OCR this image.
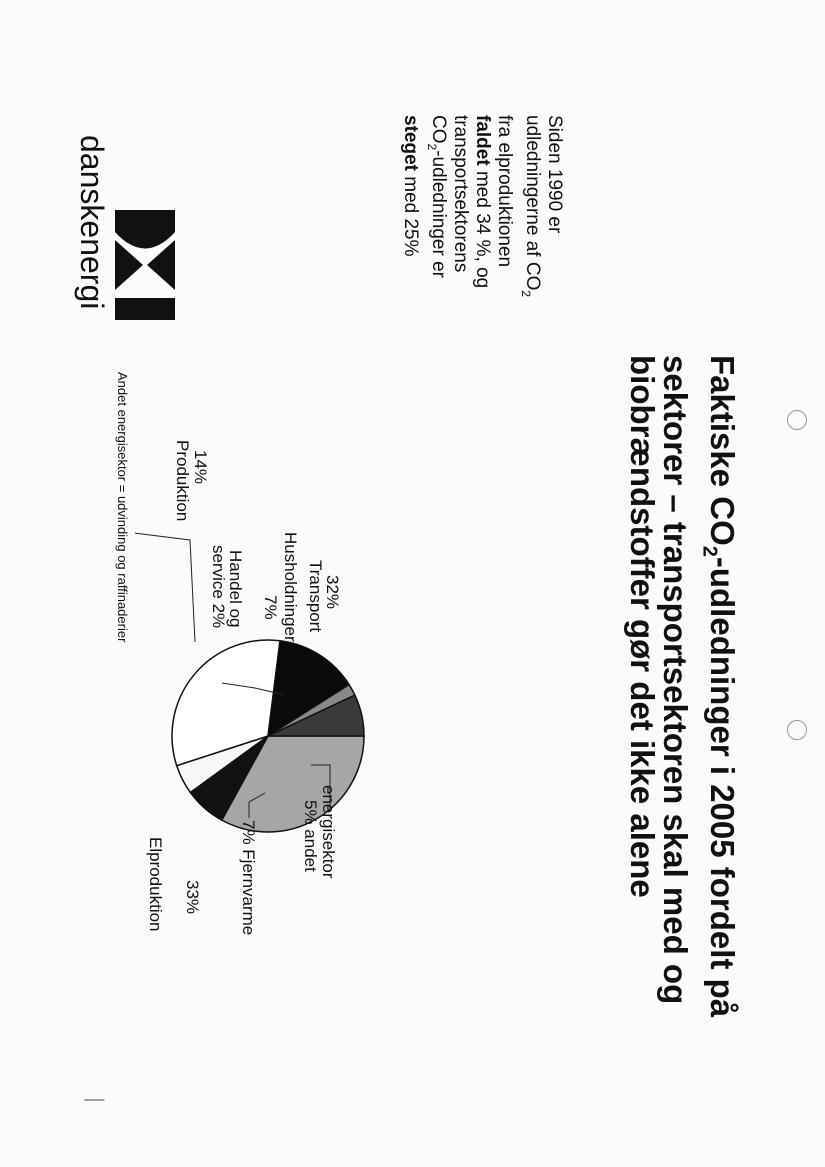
Faktiske $CO_2$-udledninger i 2005 fordelt på sektorer – transportsektoren skal med og biobrændstoffer gør det ikke alene
Siden 1990 er udledningerne af $CO_2$ fra elproduktionen faldet med 34 %, og transportsektorens $CO_2$-udledninger er steget med 25%
®
danskenergi
Elproduktion 33% 7% Fjernvarme	5% andet energisektor
Transport
32%
Produktion 14%
Handel og
service 2%	Husholdninger
7%
Andet energisektor = udvinding og raffinaderier
